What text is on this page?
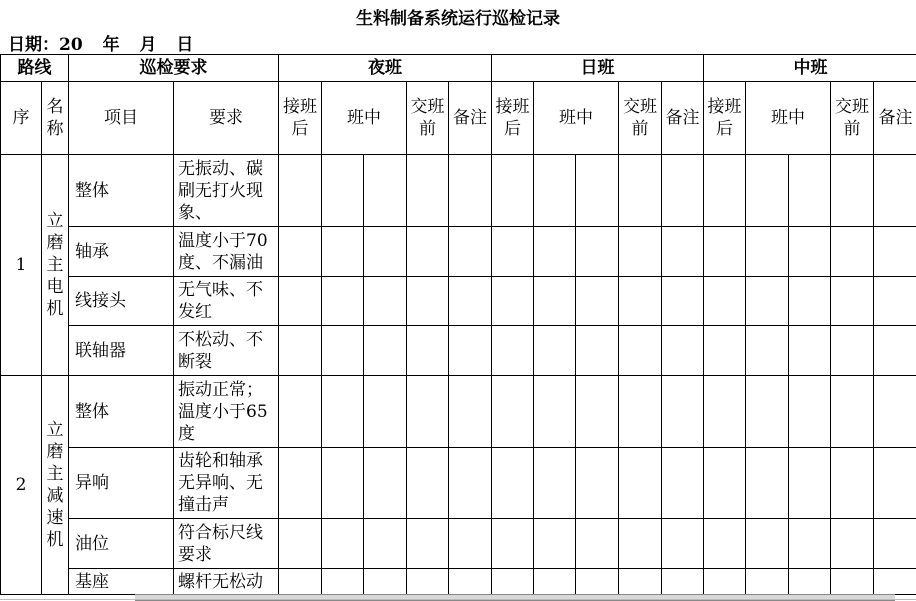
生料制备系统运行巡检记录
日期：20 年 月 日
路线		巡检要求		夜班					日班					中班				
序	名称	项目	要求	接班后	班中		交班前	备注	接班后	班中		交班前	备注	接班后	班中		交班前	备注
1	立磨主电机	整体	无振动、碳刷无打火现象、															
		轴承	温度小于70度、不漏油															
		线接头	无气味、不发红															
		联轴器	不松动、不断裂															
2	立磨主减速机	整体	振动正常；温度小于65度															
		异响	齿轮和轴承无异响、无撞击声															
		油位	符合标尺线要求															
		基座	螺杆无松动															
